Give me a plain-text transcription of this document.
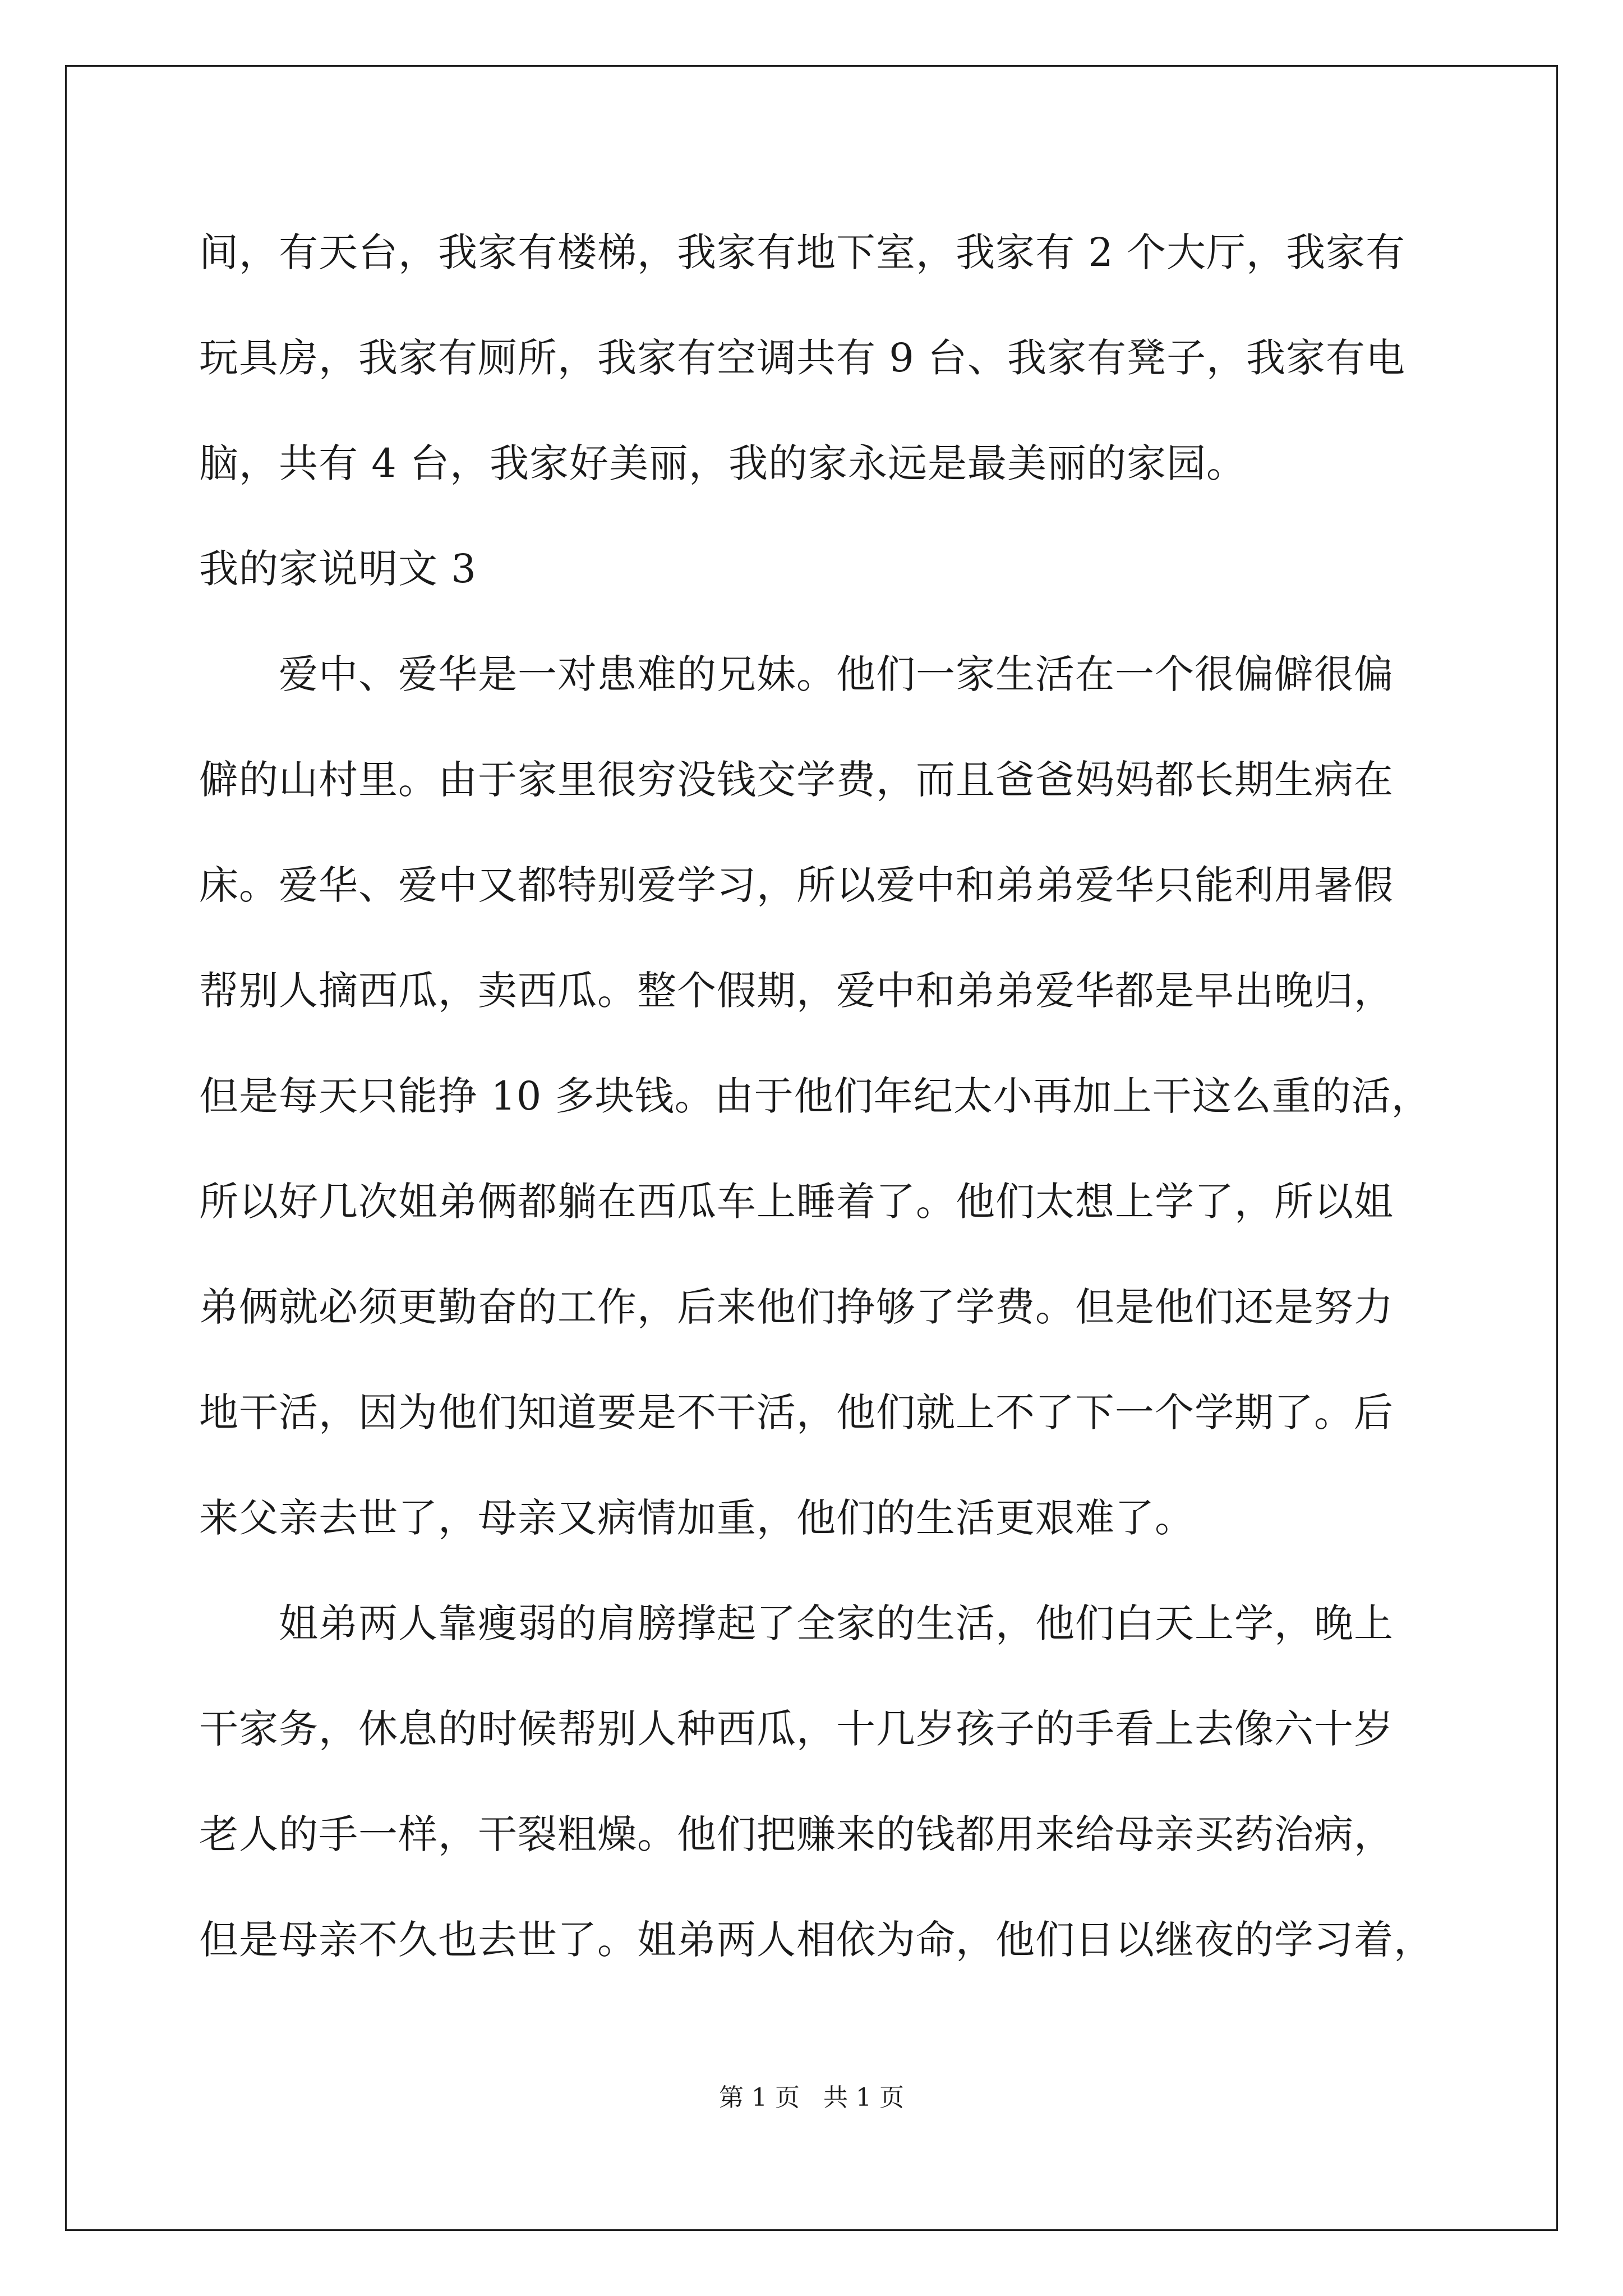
间，有天台，我家有楼梯，我家有地下室，我家有 2 个大厅，我家有
玩具房，我家有厕所，我家有空调共有 9 台、我家有凳子，我家有电
脑，共有 4 台，我家好美丽，我的家永远是最美丽的家园。
我的家说明文 3
　　爱中、爱华是一对患难的兄妹。他们一家生活在一个很偏僻很偏
僻的山村里。由于家里很穷没钱交学费，而且爸爸妈妈都长期生病在
床。爱华、爱中又都特别爱学习，所以爱中和弟弟爱华只能利用暑假
帮别人摘西瓜，卖西瓜。整个假期，爱中和弟弟爱华都是早出晚归，
但是每天只能挣 10 多块钱。由于他们年纪太小再加上干这么重的活，
所以好几次姐弟俩都躺在西瓜车上睡着了。他们太想上学了，所以姐
弟俩就必须更勤奋的工作，后来他们挣够了学费。但是他们还是努力
地干活，因为他们知道要是不干活，他们就上不了下一个学期了。后
来父亲去世了，母亲又病情加重，他们的生活更艰难了。
　　姐弟两人靠瘦弱的肩膀撑起了全家的生活，他们白天上学，晚上
干家务，休息的时候帮别人种西瓜，十几岁孩子的手看上去像六十岁
老人的手一样，干裂粗燥。他们把赚来的钱都用来给母亲买药治病，
但是母亲不久也去世了。姐弟两人相依为命，他们日以继夜的学习着，
第 1 页   共 1 页
